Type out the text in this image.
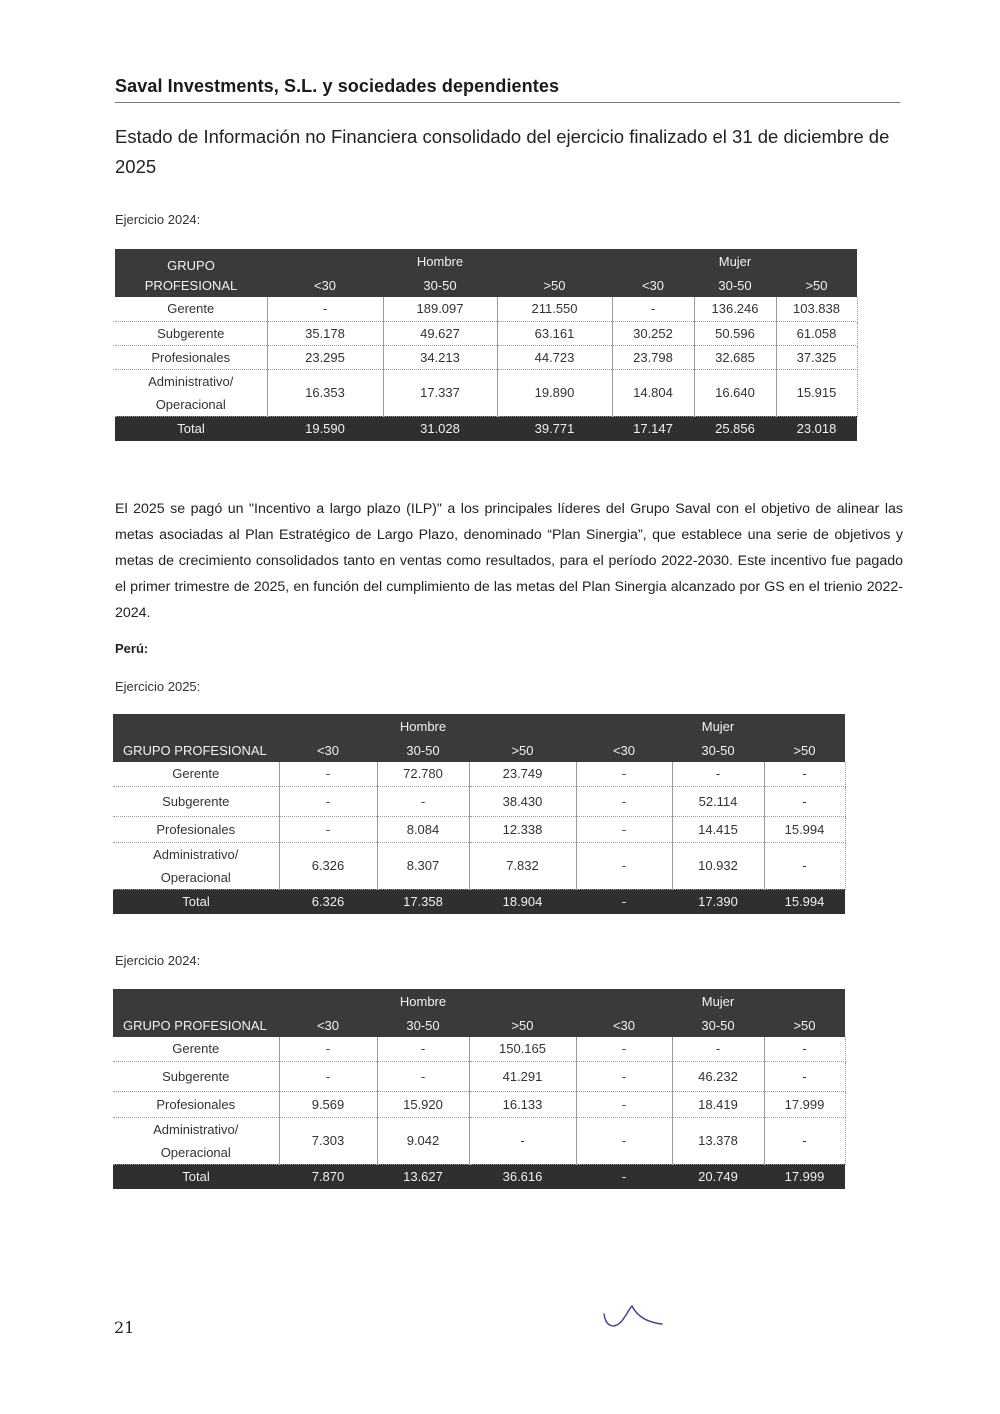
Saval Investments, S.L. y sociedades dependientes
Estado de Información no Financiera consolidado del ejercicio finalizado el 31 de diciembre de 2025
Ejercicio 2024:
GRUPO		Hombre			Mujer	
PROFESIONAL	<30	30-50	>50	<30	30-50	>50
Gerente	-	189.097	211.550	-	136.246	103.838
Subgerente	35.178	49.627	63.161	30.252	50.596	61.058
Profesionales	23.295	34.213	44.723	23.798	32.685	37.325
Administrativo/
Operacional	16.353	17.337	19.890	14.804	16.640	15.915
Total	19.590	31.028	39.771	17.147	25.856	23.018
El 2025 se pagó un "Incentivo a largo plazo (ILP)" a los principales líderes del Grupo Saval con el objetivo de alinear las metas asociadas al Plan Estratégico de Largo Plazo, denominado “Plan Sinergia”, que establece una serie de objetivos y metas de crecimiento consolidados tanto en ventas como resultados, para el período 2022-2030. Este incentivo fue pagado el primer trimestre de 2025, en función del cumplimiento de las metas del Plan Sinergia alcanzado por GS en el trienio 2022-2024.
Perú:
Ejercicio 2025:
		Hombre			Mujer	
GRUPO PROFESIONAL	<30	30-50	>50	<30	30-50	>50
Gerente	-	72.780	23.749	-	-	-
Subgerente	-	-	38.430	-	52.114	-
Profesionales	-	8.084	12.338	-	14.415	15.994
Administrativo/
Operacional	6.326	8.307	7.832	-	10.932	-
Total	6.326	17.358	18.904	-	17.390	15.994
Ejercicio 2024:
		Hombre			Mujer	
GRUPO PROFESIONAL	<30	30-50	>50	<30	30-50	>50
Gerente	-	-	150.165	-	-	-
Subgerente	-	-	41.291	-	46.232	-
Profesionales	9.569	15.920	16.133	-	18.419	17.999
Administrativo/
Operacional	7.303	9.042	-	-	13.378	-
Total	7.870	13.627	36.616	-	20.749	17.999
21
